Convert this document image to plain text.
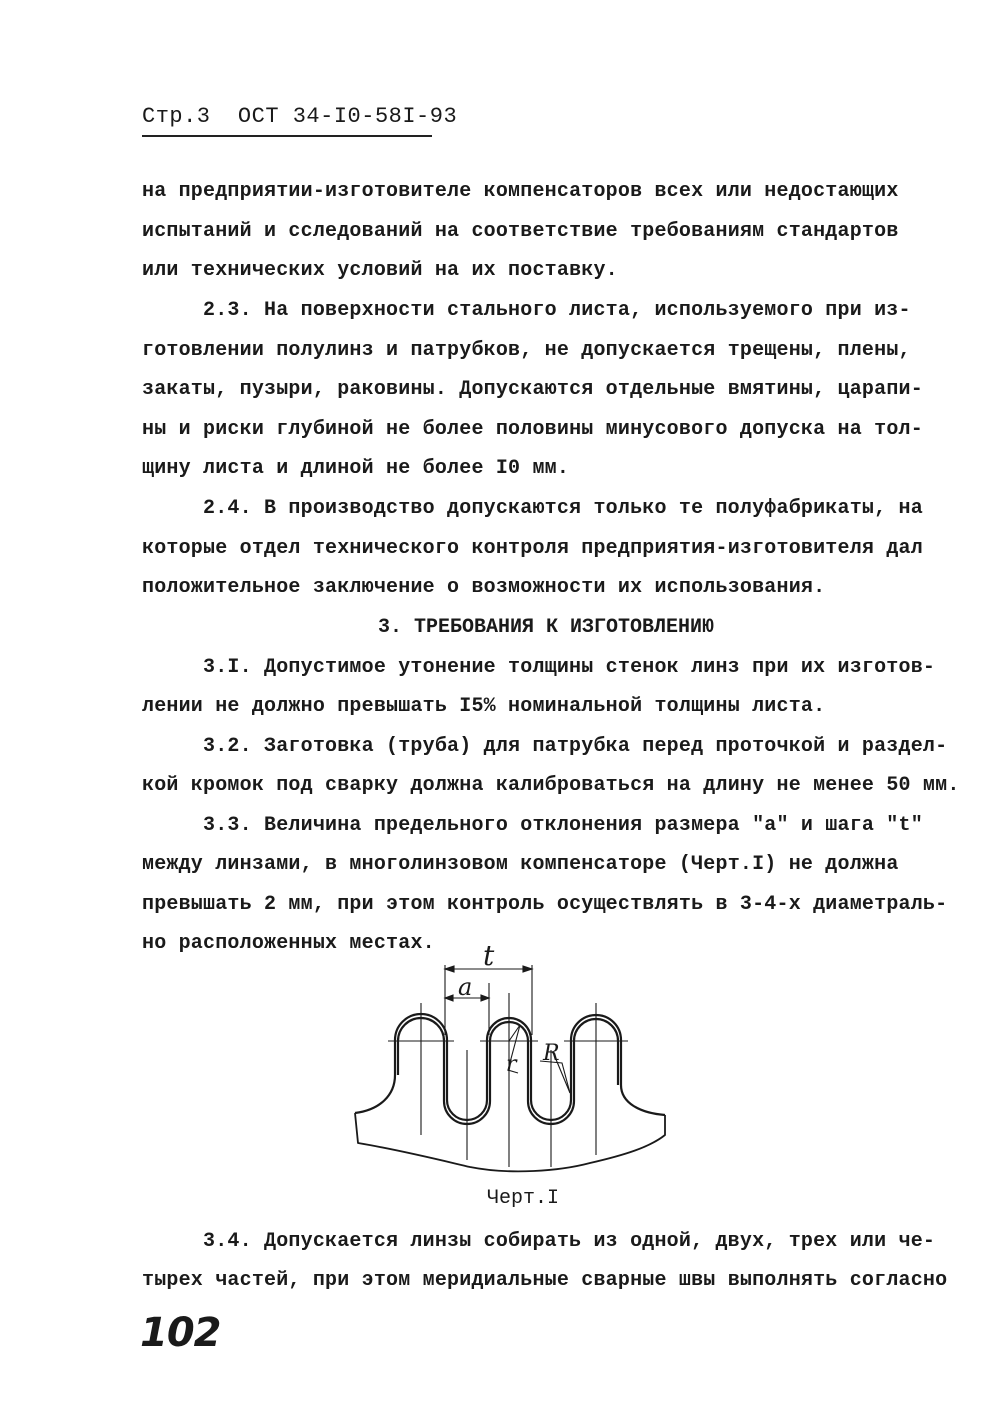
Стр.3 ОСТ 34-I0-58I-93
на предприятии-изготовителе компенсаторов всех или недостающих
испытаний и сследований на соответствие требованиям стандартов
или технических условий на их поставку.
2.3. На поверхности стального листа, используемого при из-
готовлении полулинз и патрубков, не допускается трещены, плены,
закаты, пузыри, раковины. Допускаются отдельные вмятины, царапи-
ны и риски глубиной не более половины минусового допуска на тол-
щину листа и длиной не более I0 мм.
2.4. В производство допускаются только те полуфабрикаты, на
которые отдел технического контроля предприятия-изготовителя дал
положительное заключение о возможности их использования.
3. ТРЕБОВАНИЯ К ИЗГОТОВЛЕНИЮ
3.I. Допустимое утонение толщины стенок линз при их изготов-
лении не должно превышать I5% номинальной толщины листа.
3.2. Заготовка (труба) для патрубка перед проточкой и раздел-
кой кромок под сварку должна калиброваться на длину не менее 50 мм.
3.3. Величина предельного отклонения размера "а" и шага "t"
между линзами, в многолинзовом компенсаторе (Черт.I) не должна
превышать 2 мм, при этом контроль осуществлять в 3-4-х диаметраль-
но расположенных местах. t
a
r R
Черт.I
3.4. Допускается линзы собирать из одной, двух, трех или че-
тырех частей, при этом меридиальные сварные швы выполнять согласно
102
